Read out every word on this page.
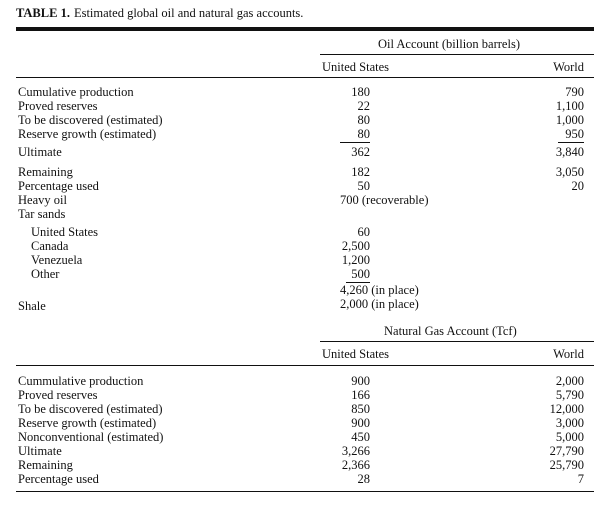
TABLE 1. Estimated global oil and natural gas accounts.
Oil Account (billion barrels)
United States	World
Cumulative production	180	790
Proved reserves	22	1,100
To be discovered (estimated)	80	1,000
Reserve growth (estimated)	80	950
Ultimate	362	3,840
Remaining	182	3,050
Percentage used	50	20
Heavy oil	700 (recoverable)
Tar sands
United States	60
Canada	2,500
Venezuela	1,200
Other	500
4,260 (in place)
Shale	2,000 (in place)
Natural Gas Account (Tcf)
United States	World
Cummulative production	900	2,000
Proved reserves	166	5,790
To be discovered (estimated)	850	12,000
Reserve growth (estimated)	900	3,000
Nonconventional (estimated)	450	5,000
Ultimate	3,266	27,790
Remaining	2,366	25,790
Percentage used	28	7
